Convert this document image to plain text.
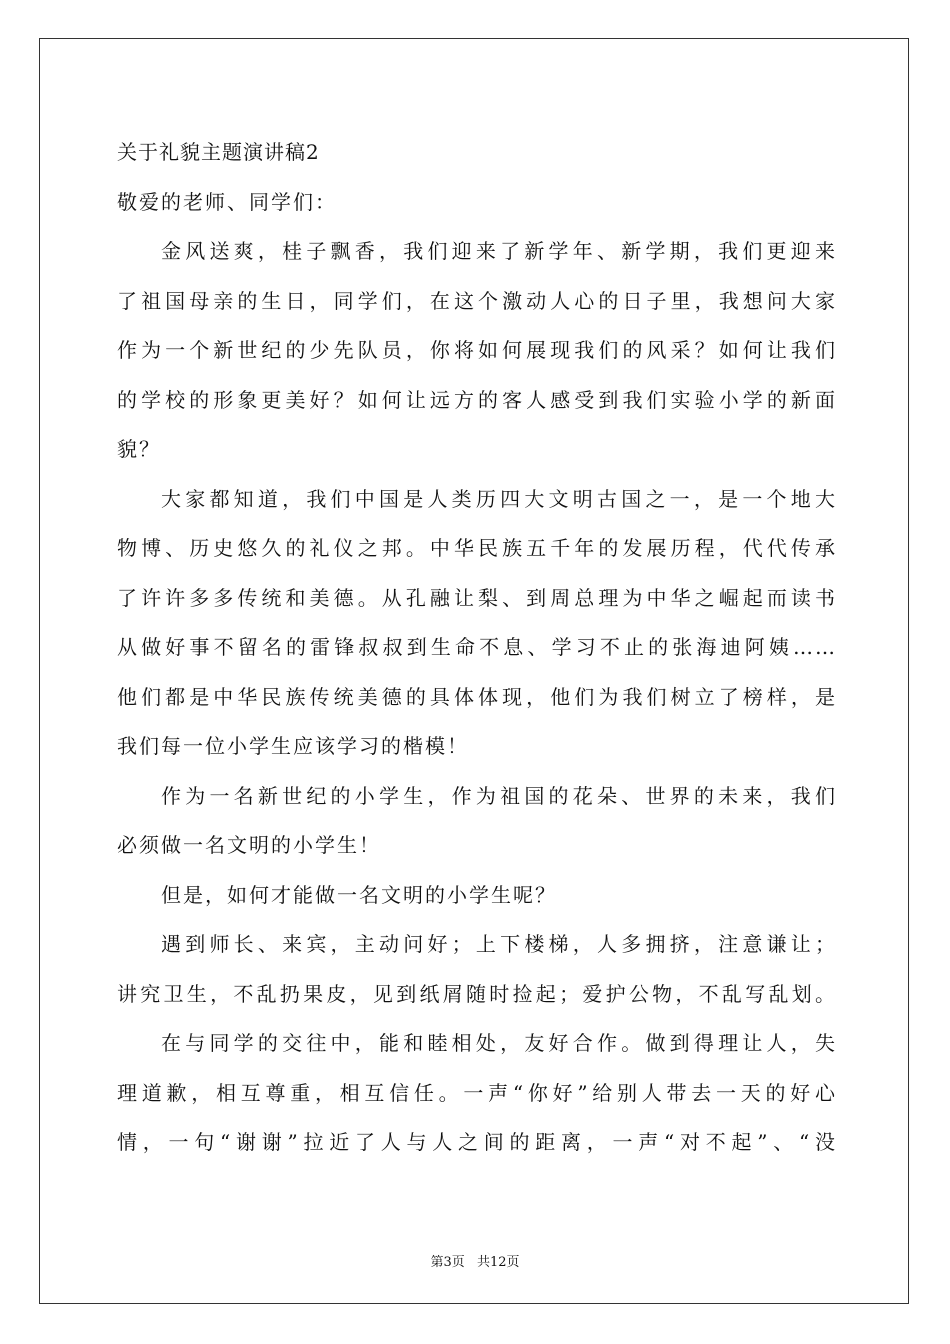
关于礼貌主题演讲稿2
敬爱的老师、同学们：
金风送爽，桂子飘香，我们迎来了新学年、新学期，我们更迎来
了祖国母亲的生日，同学们，在这个激动人心的日子里，我想问大家
作为一个新世纪的少先队员，你将如何展现我们的风采？如何让我们
的学校的形象更美好？如何让远方的客人感受到我们实验小学的新面
貌？
大家都知道，我们中国是人类历四大文明古国之一，是一个地大
物博、历史悠久的礼仪之邦。中华民族五千年的发展历程，代代传承
了许许多多传统和美德。从孔融让梨、到周总理为中华之崛起而读书
从做好事不留名的雷锋叔叔到生命不息、学习不止的张海迪阿姨……
他们都是中华民族传统美德的具体体现，他们为我们树立了榜样，是
我们每一位小学生应该学习的楷模！
作为一名新世纪的小学生，作为祖国的花朵、世界的未来，我们
必须做一名文明的小学生！
但是，如何才能做一名文明的小学生呢？
遇到师长、来宾，主动问好；上下楼梯，人多拥挤，注意谦让；
讲究卫生，不乱扔果皮，见到纸屑随时捡起；爱护公物，不乱写乱划。
在与同学的交往中，能和睦相处，友好合作。做到得理让人，失
理道歉，相互尊重，相互信任。一声“你好”给别人带去一天的好心
情，一句“谢谢”拉近了人与人之间的距离，一声“对不起”、“没
第3页 共12页
